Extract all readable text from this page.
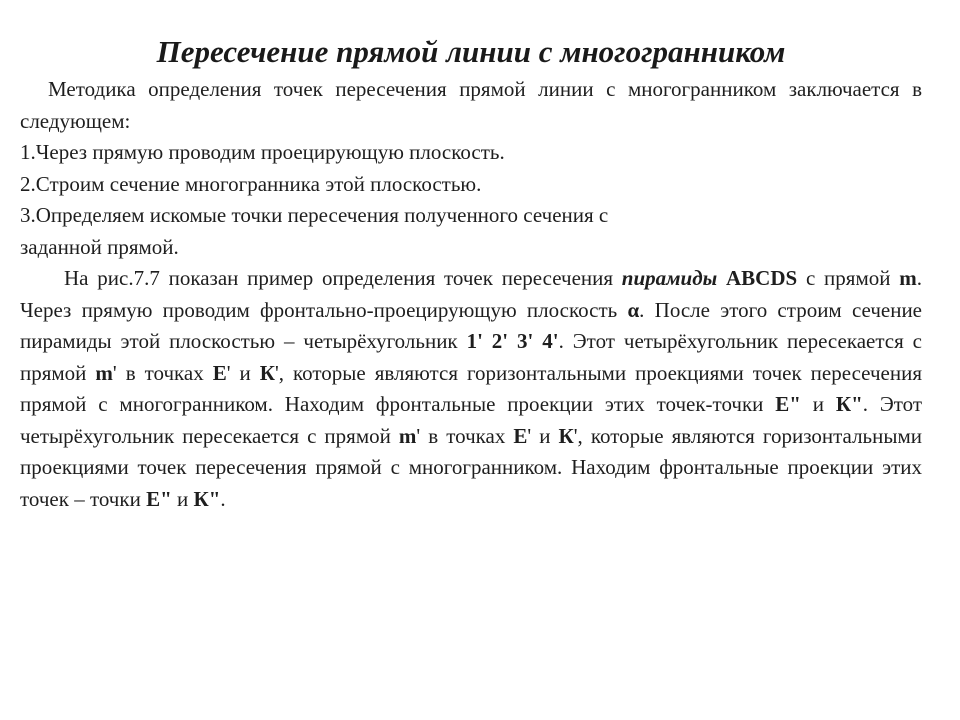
Пересечение прямой линии с многогранником

Методика определения точек пересечения прямой линии с многогранником заключается в следующем:

1.Через прямую проводим проецирующую плоскость.

2.Строим сечение многогранника этой плоскостью.

3.Определяем искомые точки пересечения полученного сечения с

заданной прямой.

На рис.7.7 показан пример определения точек пересечения пирамиды ABCDS с прямой m. Через прямую проводим фронтально-проецирующую плоскость α. После этого строим сечение пирамиды этой плоскостью – четырёхугольник 1' 2' 3' 4'. Этот четырёхугольник пересекается с прямой m' в точках E' и К', которые являются горизонтальными проекциями точек пересечения прямой с многогранником. Находим фронтальные проекции этих точек-точки E" и К". Этот четырёхугольник пересекается с прямой m' в точках E' и К', которые являются горизонтальными проекциями точек пересечения прямой с многогранником. Находим фронтальные проекции этих точек – точки E" и К".
